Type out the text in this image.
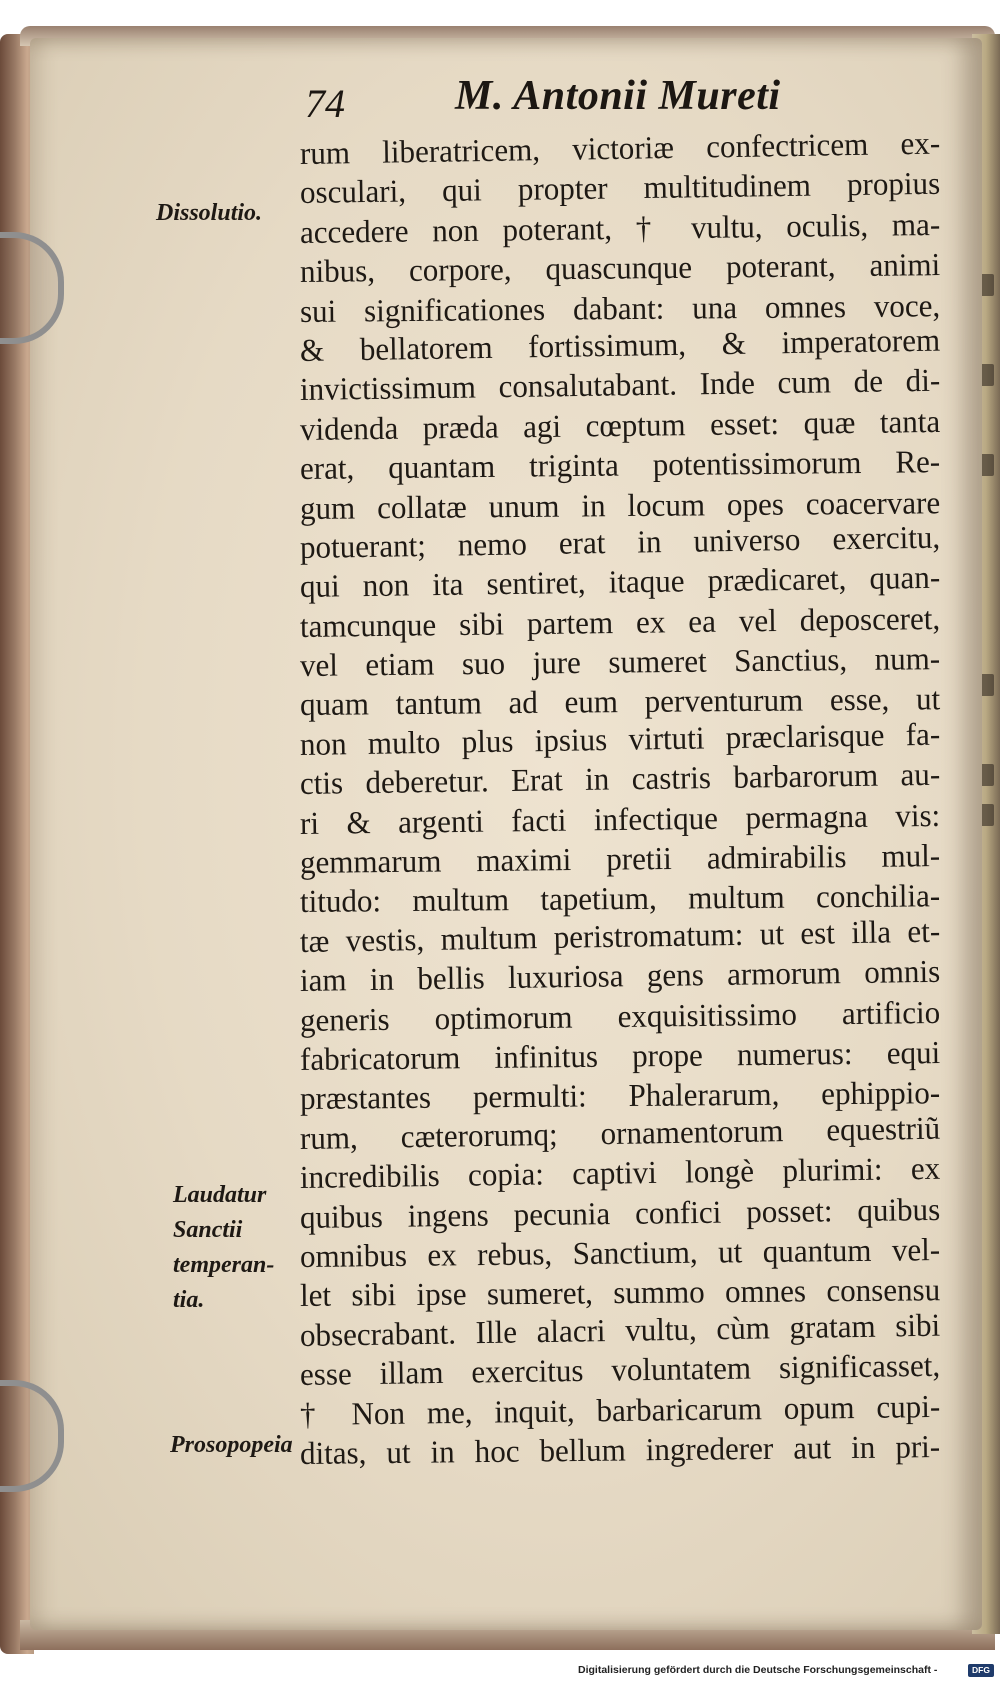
74	M. Antonii Mureti
rum liberatricem, victoriæ confectricem ex-
osculari, qui propter multitudinem propius
accedere non poterant, † vultu, oculis, ma-
nibus, corpore, quascunque poterant, animi
sui significationes dabant: una omnes voce,
& bellatorem fortissimum, & imperatorem
invictissimum consalutabant. Inde cum de di-
videnda præda agi cœptum esset: quæ tanta
erat, quantam triginta potentissimorum Re-
gum collatæ unum in locum opes coacervare
potuerant; nemo erat in universo exercitu,
qui non ita sentiret, itaque prædicaret, quan-
tamcunque sibi partem ex ea vel deposceret,
vel etiam suo jure sumeret Sanctius, num-
quam tantum ad eum perventurum esse, ut
non multo plus ipsius virtuti præclarisque fa-
ctis deberetur. Erat in castris barbarorum au-
ri & argenti facti infectique permagna vis:
gemmarum maximi pretii admirabilis mul-
titudo: multum tapetium, multum conchilia-
tæ vestis, multum peristromatum: ut est illa et-
iam in bellis luxuriosa gens armorum omnis
generis optimorum exquisitissimo artificio
fabricatorum infinitus prope numerus: equi
præstantes permulti: Phalerarum, ephippio-
rum, cæterorumq; ornamentorum equestriũ
incredibilis copia: captivi longè plurimi: ex
quibus ingens pecunia confici posset: quibus
omnibus ex rebus, Sanctium, ut quantum vel-
let sibi ipse sumeret, summo omnes consensu
obsecrabant. Ille alacri vultu, cùm gratam sibi
esse illam exercitus voluntatem significasset,
† Non me, inquit, barbaricarum opum cupi-
ditas, ut in hoc bellum ingrederer aut in pri-
Dissolutio.
Laudatur
Sanctii
temperan-
tia.
Prosopopeia
Digitalisierung gefördert durch die Deutsche Forschungsgemeinschaft -	DFG
